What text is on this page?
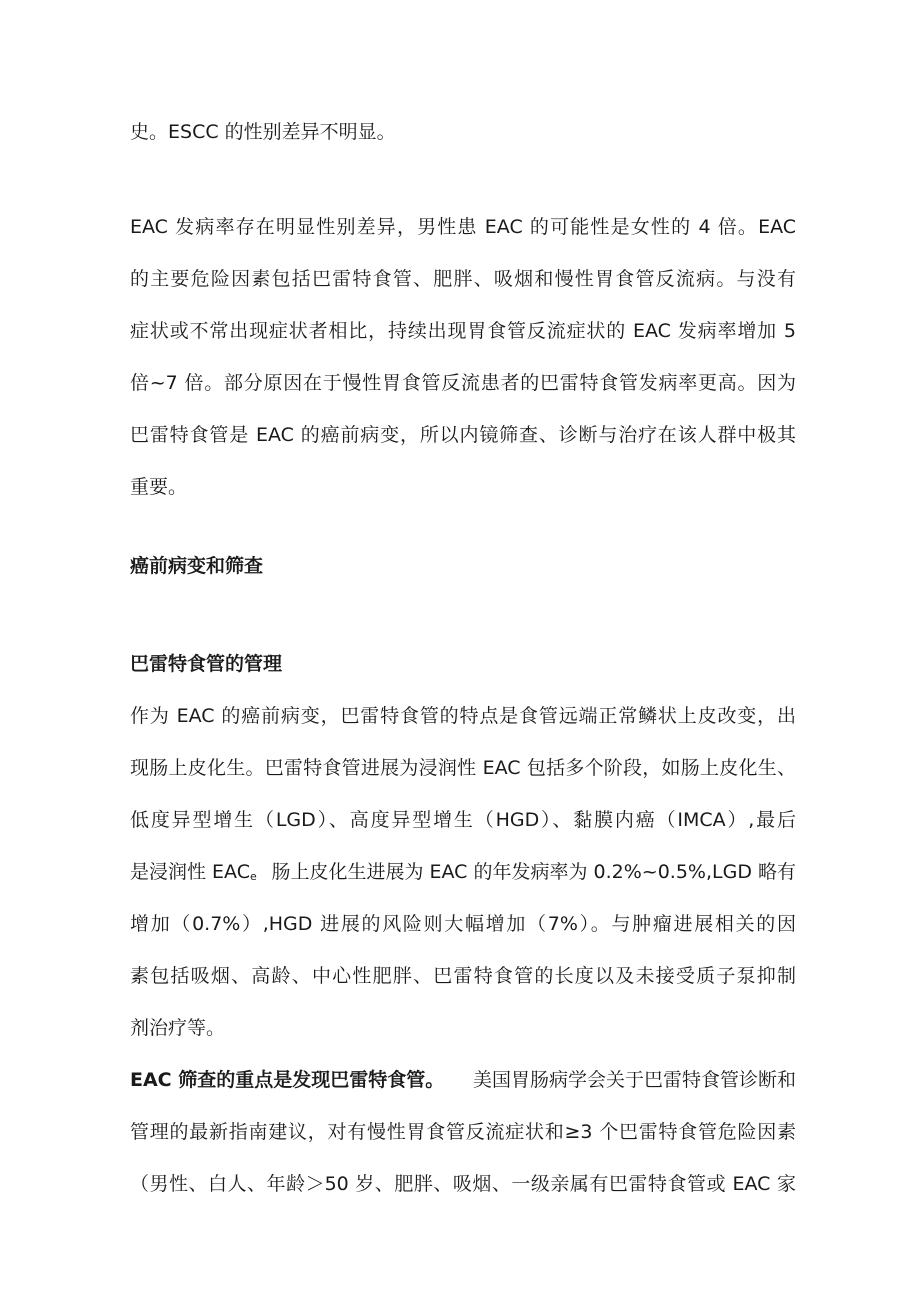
史。ESCC 的性别差异不明显。
EAC 发病率存在明显性别差异，男性患 EAC 的可能性是女性的 4 倍。EAC
的主要危险因素包括巴雷特食管、肥胖、吸烟和慢性胃食管反流病。与没有
症状或不常出现症状者相比，持续出现胃食管反流症状的 EAC 发病率增加 5
倍~7 倍。部分原因在于慢性胃食管反流患者的巴雷特食管发病率更高。因为
巴雷特食管是 EAC 的癌前病变，所以内镜筛查、诊断与治疗在该人群中极其
重要。
癌前病变和筛查
巴雷特食管的管理
作为 EAC 的癌前病变，巴雷特食管的特点是食管远端正常鳞状上皮改变，出
现肠上皮化生。巴雷特食管进展为浸润性 EAC 包括多个阶段，如肠上皮化生、
低度异型增生（LGD）、高度异型增生（HGD）、黏膜内癌（IMCA）,最后
是浸润性 EACe 肠上皮化生进展为 EAC 的年发病率为 0.2%~0.5%,LGD 略有
增加（0.7%）,HGD 进展的风险则大幅增加（7%）。与肿瘤进展相关的因
素包括吸烟、高龄、中心性肥胖、巴雷特食管的长度以及未接受质子泵抑制
剂治疗等。
EAC 筛查的重点是发现巴雷特食管。 美国胃肠病学会关于巴雷特食管诊断和
管理的最新指南建议，对有慢性胃食管反流症状和≥3 个巴雷特食管危险因素
（男性、白人、年龄＞50 岁、肥胖、吸烟、一级亲属有巴雷特食管或 EAC 家
